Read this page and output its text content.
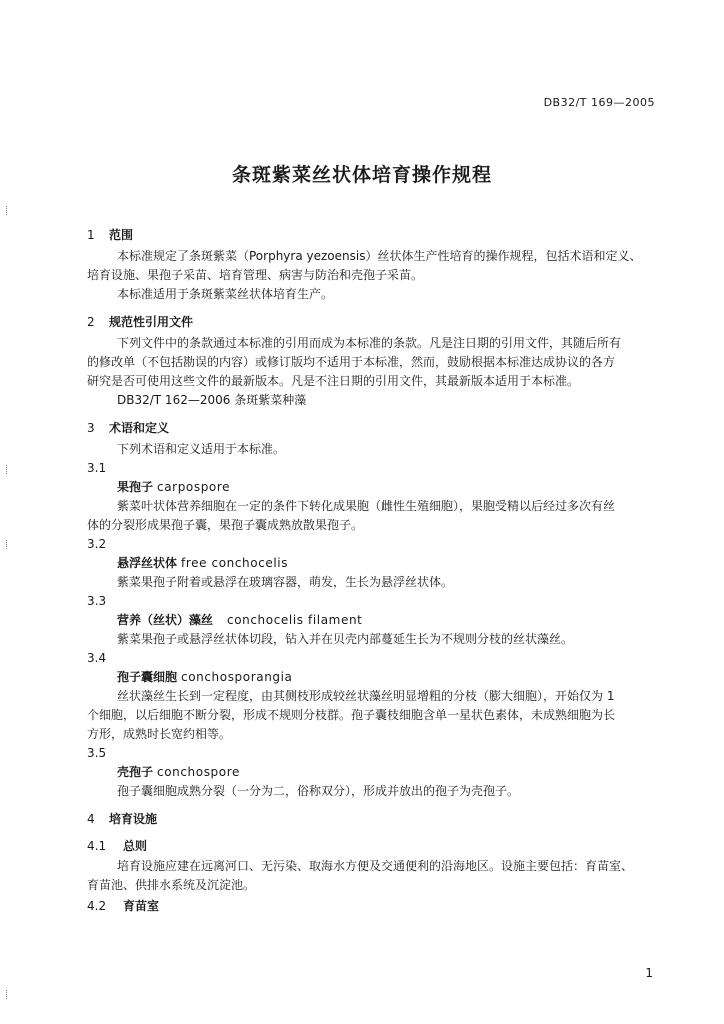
DB32/T 169—2005
条斑紫菜丝状体培育操作规程
1 范围
本标准规定了条斑紫菜（Porphyra yezoensis）丝状体生产性培育的操作规程，包括术语和定义、
培育设施、果孢子采苗、培育管理、病害与防治和壳孢子采苗。
本标准适用于条斑紫菜丝状体培育生产。
2 规范性引用文件
下列文件中的条款通过本标准的引用而成为本标准的条款。凡是注日期的引用文件，其随后所有
的修改单（不包括勘误的内容）或修订版均不适用于本标准，然而，鼓励根据本标准达成协议的各方
研究是否可使用这些文件的最新版本。凡是不注日期的引用文件，其最新版本适用于本标准。
DB32/T 162—2006 条斑紫菜种藻
3 术语和定义
下列术语和定义适用于本标准。
3.1
果孢子 carpospore
紫菜叶状体营养细胞在一定的条件下转化成果胞（雌性生殖细胞），果胞受精以后经过多次有丝
体的分裂形成果孢子囊，果孢子囊成熟放散果孢子。
3.2
悬浮丝状体 free conchocelis
紫菜果孢子附着或悬浮在玻璃容器，萌发，生长为悬浮丝状体。
3.3
营养（丝状）藻丝 conchocelis filament
紫菜果孢子或悬浮丝状体切段，钻入并在贝壳内部蔓延生长为不规则分枝的丝状藻丝。
3.4
孢子囊细胞 conchosporangia
丝状藻丝生长到一定程度，由其侧枝形成较丝状藻丝明显增粗的分枝（膨大细胞），开始仅为 1
个细胞，以后细胞不断分裂，形成不规则分枝群。孢子囊枝细胞含单一星状色素体，未成熟细胞为长
方形，成熟时长宽约相等。
3.5
壳孢子 conchospore
孢子囊细胞成熟分裂（一分为二，俗称双分），形成并放出的孢子为壳孢子。
4 培育设施
4.1 总则
培育设施应建在远离河口、无污染、取海水方便及交通便利的沿海地区。设施主要包括：育苗室、
育苗池、供排水系统及沉淀池。
4.2 育苗室
1
